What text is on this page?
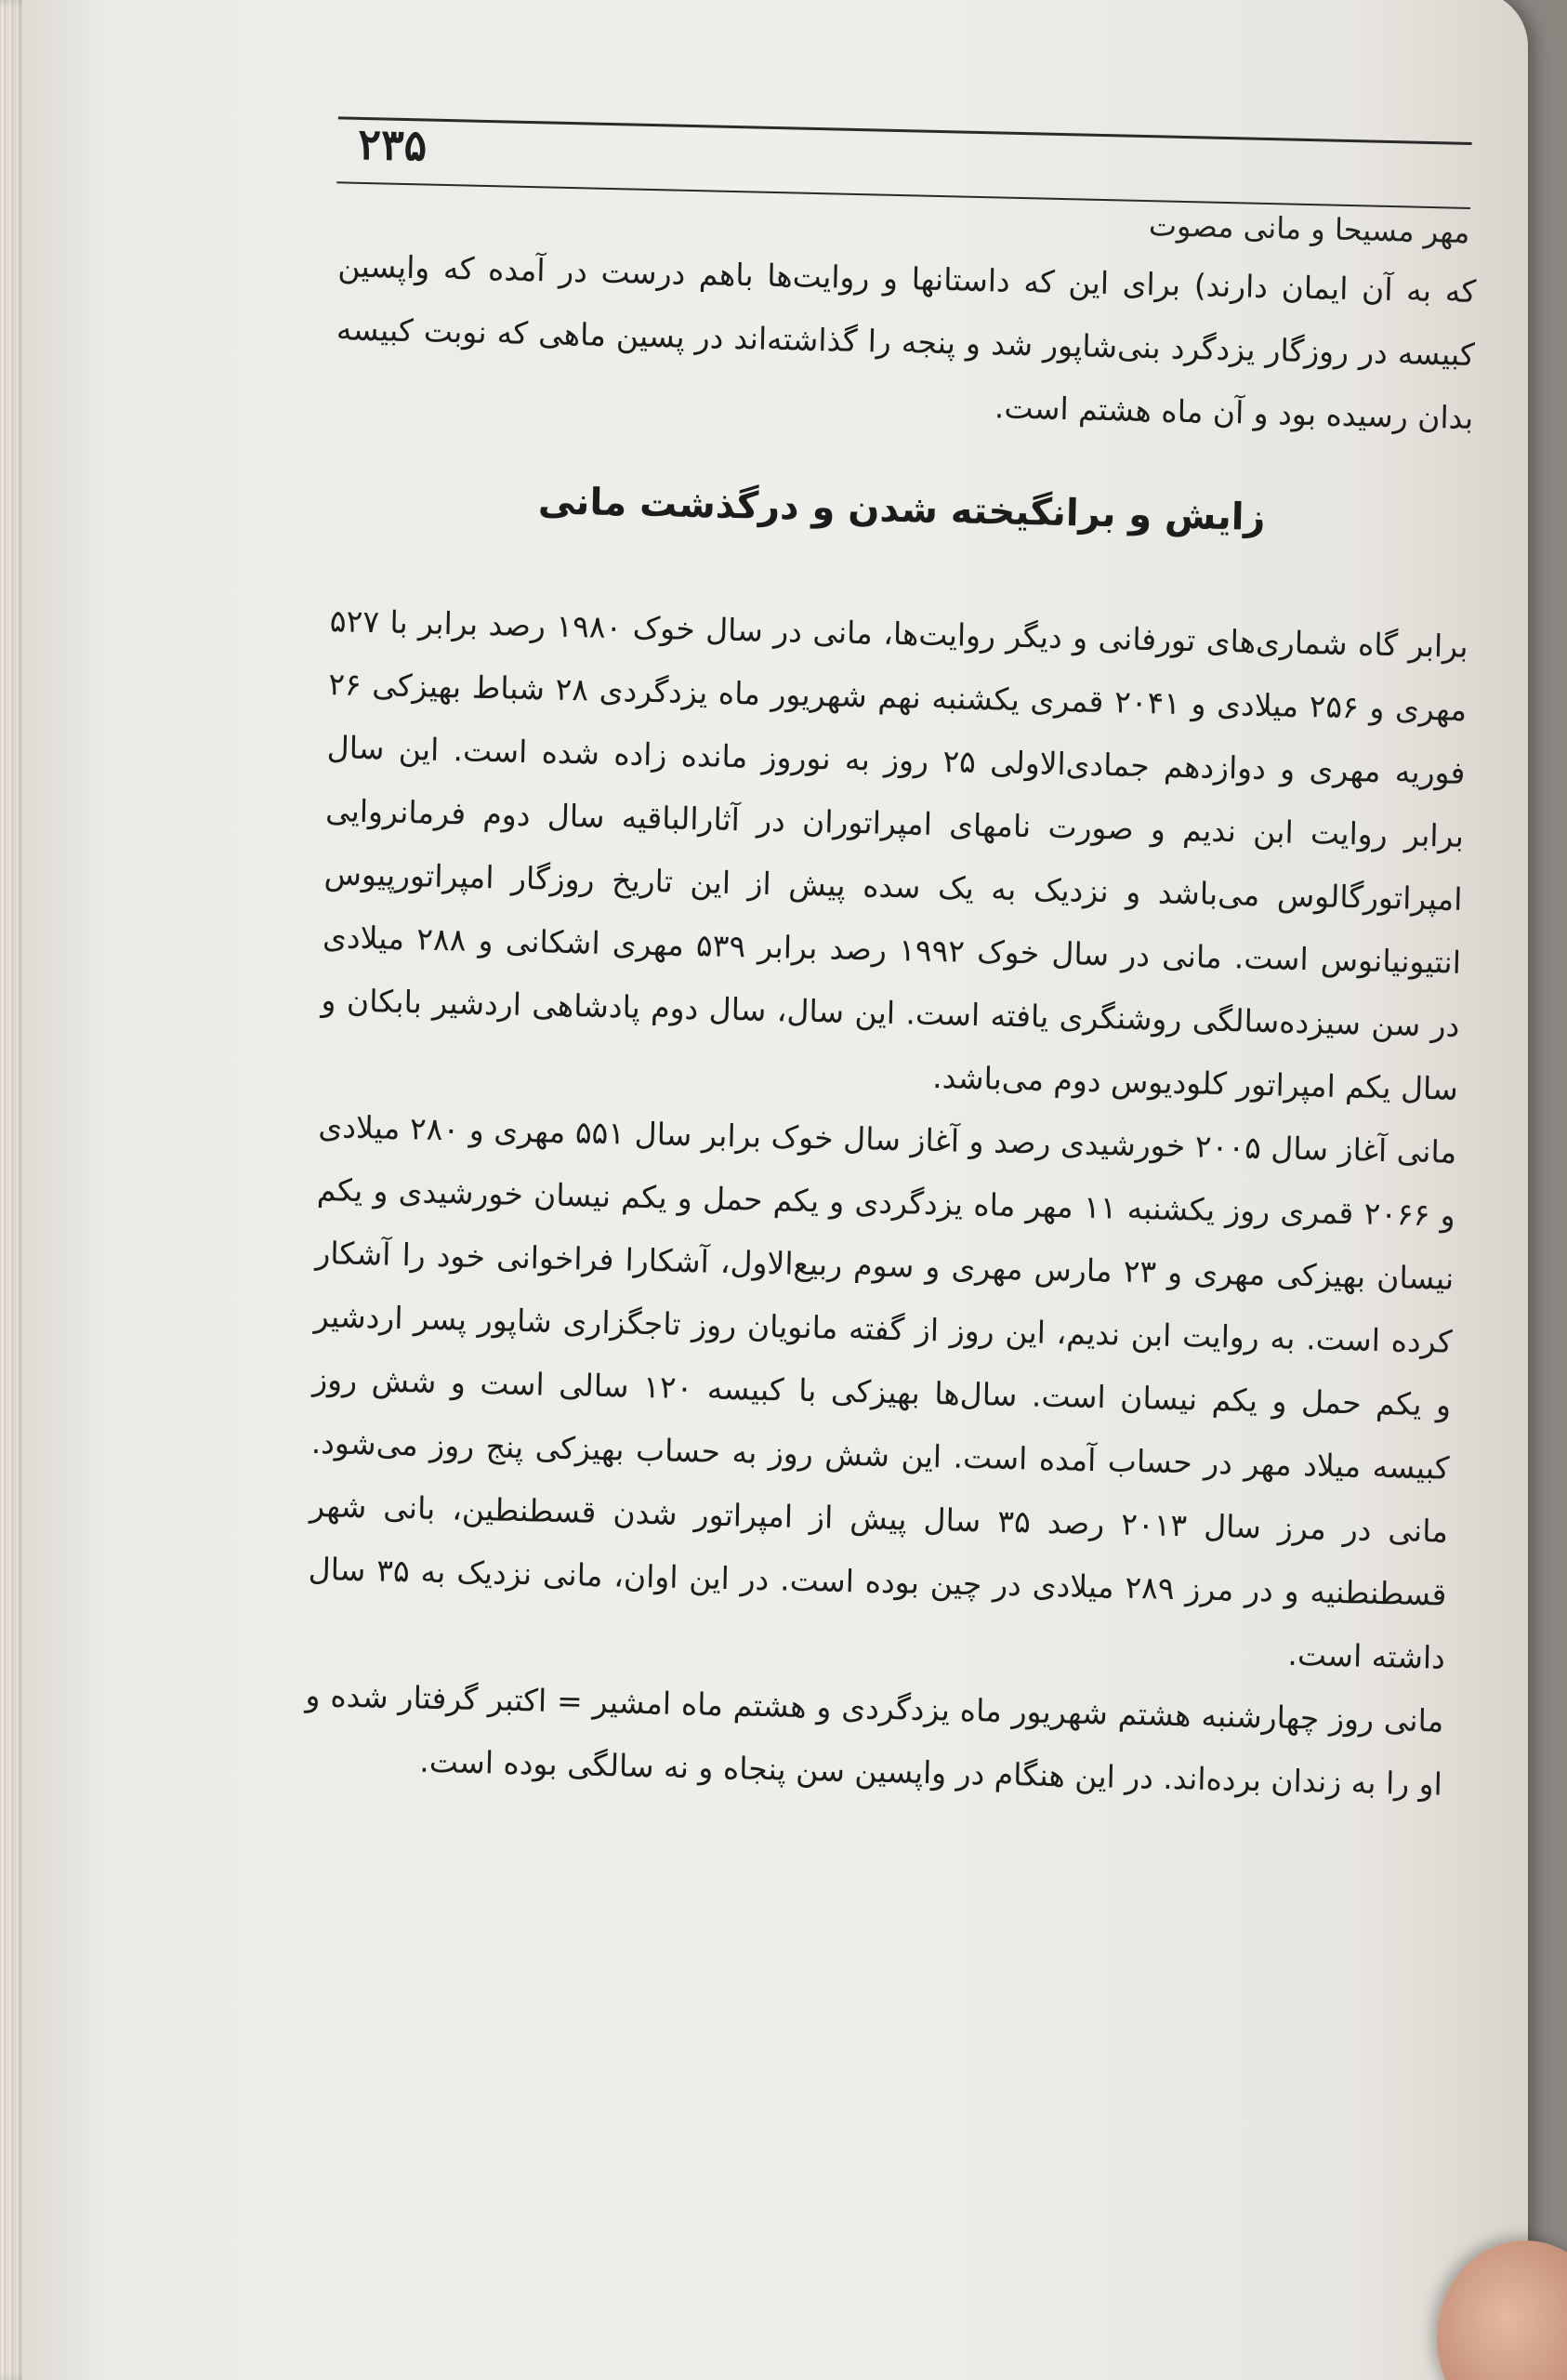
۲۳۵
مهر مسیحا و مانی مصوت

که به آن ایمان دارند) برای این که داستانها و روایت‌ها باهم درست در آمده که واپسین کبیسه در روزگار یزدگرد بنی‌شاپور شد و پنجه را گذاشته‌اند در پسین ماهی که نوبت کبیسه بدان رسیده بود و آن ماه هشتم است.

زایش و برانگیخته شدن و درگذشت مانی

برابر گاه شماری‌های تورفانی و دیگر روایت‌ها، مانی در سال خوک ۱۹۸۰ رصد برابر با ۵۲۷ مهری و ۲۵۶ میلادی و ۲۰۴۱ قمری یکشنبه نهم شهریور ماه یزدگردی ۲۸ شباط بهیزکی ۲۶ فوریه مهری و دوازدهم جمادی‌الاولی ۲۵ روز به نوروز مانده زاده شده است. این سال برابر روایت ابن ندیم و صورت نامهای امپراتوران در آثارالباقیه سال دوم فرمانروایی امپراتورگالوس می‌باشد و نزدیک به یک سده پیش از این تاریخ روزگار امپراتورپیوس انتیونیانوس است. مانی در سال خوک ۱۹۹۲ رصد برابر ۵۳۹ مهری اشکانی و ۲۸۸ میلادی در سن سیزده‌سالگی روشنگری یافته است. این سال، سال دوم پادشاهی اردشیر بابکان و سال یکم امپراتور کلودیوس دوم می‌باشد.

مانی آغاز سال ۲۰۰۵ خورشیدی رصد و آغاز سال خوک برابر سال ۵۵۱ مهری و ۲۸۰ میلادی و ۲۰۶۶ قمری روز یکشنبه ۱۱ مهر ماه یزدگردی و یکم حمل و یکم نیسان خورشیدی و یکم نیسان بهیزکی مهری و ۲۳ مارس مهری و سوم ربیع‌الاول، آشکارا فراخوانی خود را آشکار کرده است. به روایت ابن ندیم، این روز از گفته مانویان روز تاجگزاری شاپور پسر اردشیر و یکم حمل و یکم نیسان است. سال‌ها بهیزکی با کبیسه ۱۲۰ سالی است و شش روز کبیسه میلاد مهر در حساب آمده است. این شش روز به حساب بهیزکی پنج روز می‌شود. مانی در مرز سال ۲۰۱۳ رصد ۳۵ سال پیش از امپراتور شدن قسطنطین، بانی شهر قسطنطنیه و در مرز ۲۸۹ میلادی در چین بوده است. در این اوان، مانی نزدیک به ۳۵ سال داشته است.

مانی روز چهارشنبه هشتم شهریور ماه یزدگردی و هشتم ماه امشیر = اکتبر گرفتار شده و او را به زندان برده‌اند. در این هنگام در واپسین سن پنجاه و نه سالگی بوده است.
